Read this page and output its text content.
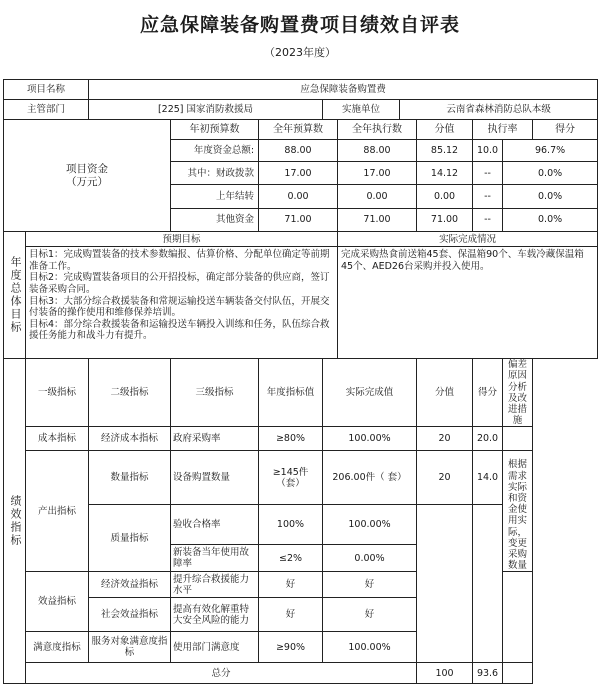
应急保障装备购置费项目绩效自评表
（2023年度）
项目名称		应急保障装备购置费										
主管部门		[225] 国家消防救援局			实施单位		云南省森林消防总队本级					
项目资金
（万元）			年初预算数	全年预算数		全年执行数		分值	执行率		得分	
			年度资金总额:	88.00		88.00		85.12	10.0	96.7%	
			其中：财政拨款	17.00		17.00		14.12	--	0.0%	
			上年结转	0.00		0.00		0.00	--	0.0%	
			其他资金	71.00		71.00		71.00	--	0.0%	
年度总体目标	预期目标					实际完成情况						

	目标1：完成购置装备的技术参数编报、估算价格、分配单位确定等前期准备工作。
目标2：完成购置装备项目的公开招投标，确定部分装备的供应商，签订装备采购合同。
目标3：大部分综合救援装备和常规运输投送车辆装备交付队伍，开展交付装备的操作使用和维修保养培训。
目标4：部分综合救援装备和运输投送车辆投入训练和任务，队伍综合救援任务能力和战斗力有提升。					完成采购热食前送箱45套、保温箱90个、车载冷藏保温箱45个、AED26台采购并投入使用。						
绩效指标	一级指标	二级指标	三级指标	年度指标值	实际完成值			分值	得分	偏差原因分析及改进措施		
	成本指标	经济成本指标	政府采购率	≥80%	100.00%			20	20.0			
	产出指标	数量指标	设备购置数量	≥145件（套）	206.00件（ 套）			20	14.0	根据需求实际和资金使用实际，变更采购数量		
		质量指标	验收合格率	100%	100.00%							
			新装备当年使用故障率	≤2%	0.00%							
	效益指标	经济效益指标	提升综合救援能力水平	好	好							
		社会效益指标	提高有效化解重特大安全风险的能力	好	好							
	满意度指标	服务对象满意度指标	使用部门满意度	≥90%	100.00%							
	总分							100	93.6			
